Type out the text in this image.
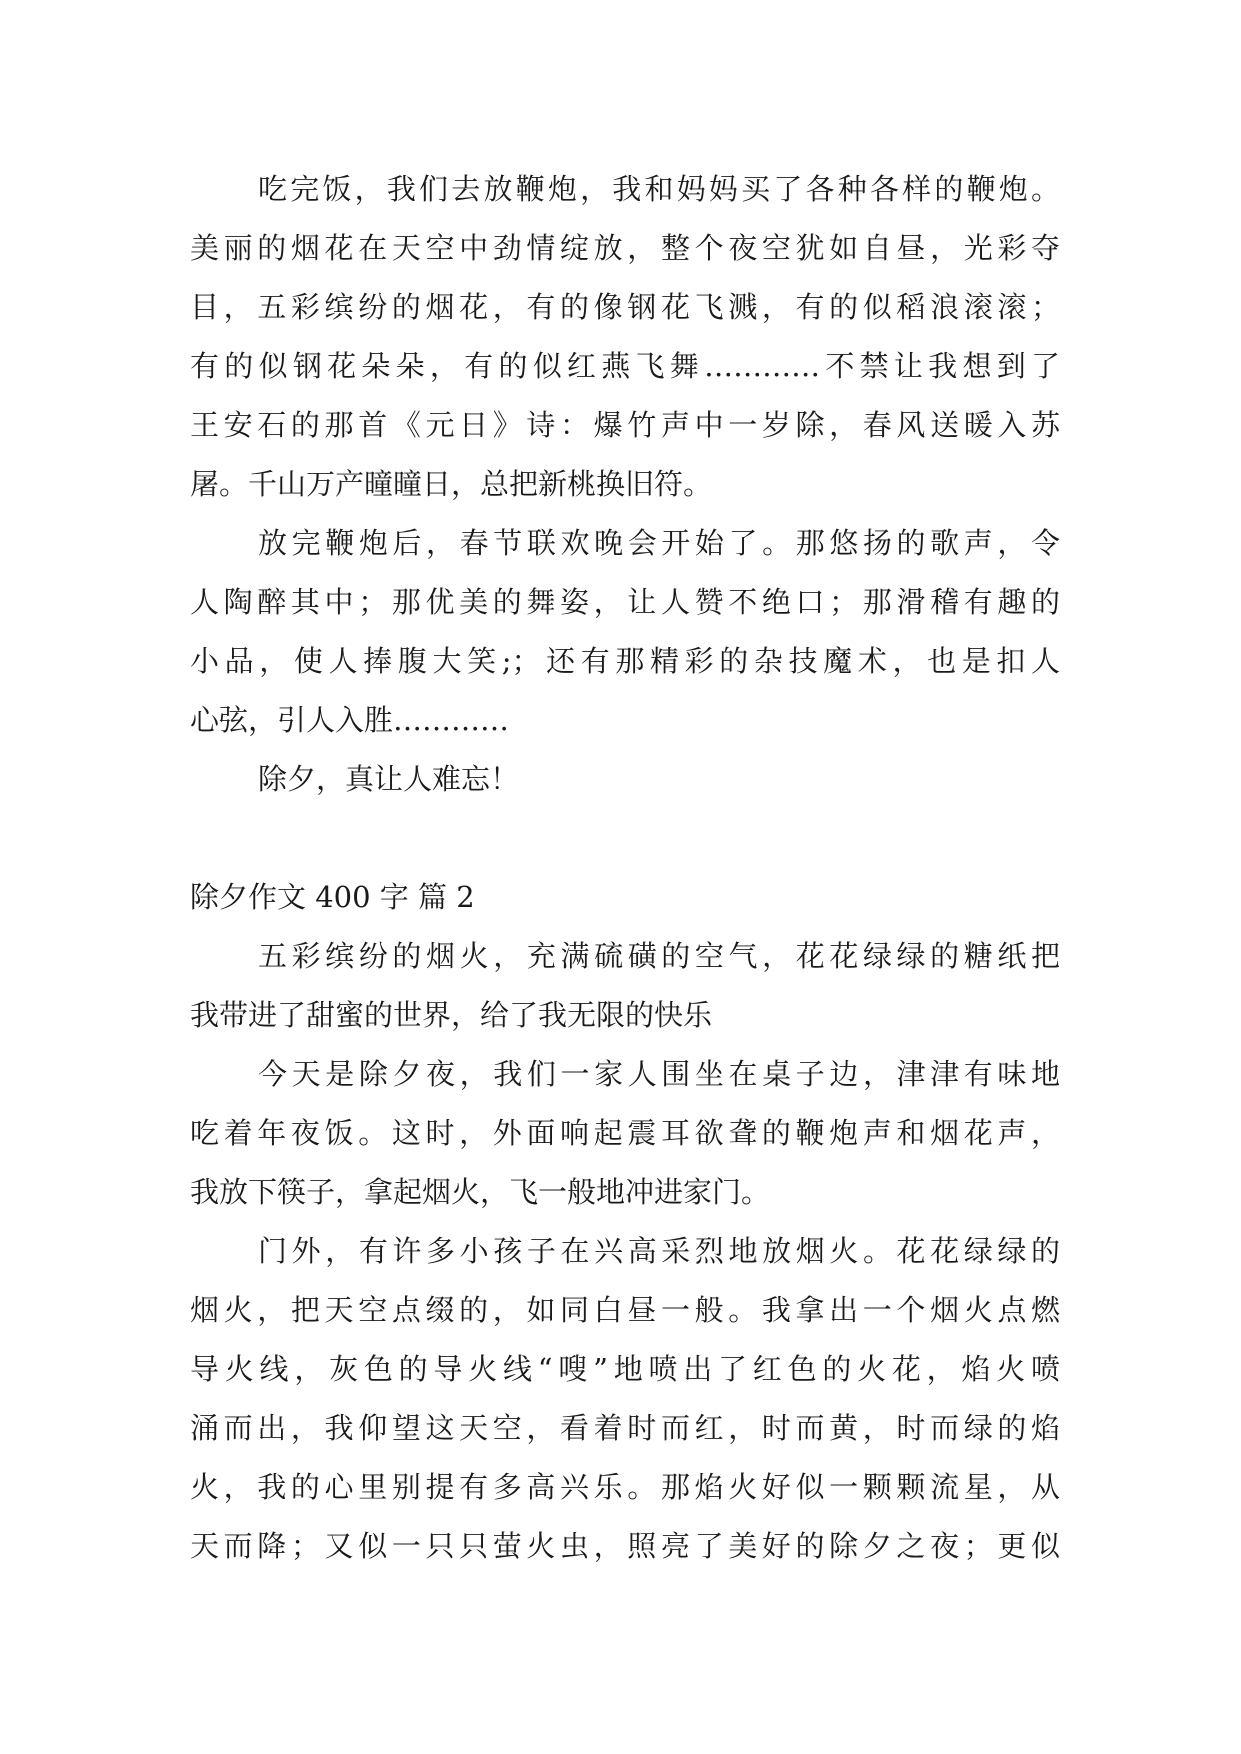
吃完饭，我们去放鞭炮，我和妈妈买了各种各样的鞭炮。
美丽的烟花在天空中劲情绽放，整个夜空犹如自昼，光彩夺
目，五彩缤纷的烟花，有的像钢花飞溅，有的似稻浪滚滚；
有的似钢花朵朵，有的似红燕飞舞…………不禁让我想到了
王安石的那首《元日》诗：爆竹声中一岁除，春风送暖入苏
屠。千山万产曈曈日，总把新桃换旧符。
放完鞭炮后，春节联欢晚会开始了。那悠扬的歌声，令
人陶醉其中；那优美的舞姿，让人赞不绝口；那滑稽有趣的
小品，使人捧腹大笑;；还有那精彩的杂技魔术，也是扣人
心弦，引人入胜…………
除夕，真让人难忘！
除夕作文 400 字 篇 2
五彩缤纷的烟火，充满硫磺的空气，花花绿绿的糖纸把
我带进了甜蜜的世界，给了我无限的快乐
今天是除夕夜，我们一家人围坐在桌子边，津津有味地
吃着年夜饭。这时，外面响起震耳欲聋的鞭炮声和烟花声，
我放下筷子，拿起烟火，飞一般地冲进家门。
门外，有许多小孩子在兴高采烈地放烟火。花花绿绿的
烟火，把天空点缀的，如同白昼一般。我拿出一个烟火点燃
导火线，灰色的导火线“嗖”地喷出了红色的火花，焰火喷
涌而出，我仰望这天空，看着时而红，时而黄，时而绿的焰
火，我的心里别提有多高兴乐。那焰火好似一颗颗流星，从
天而降；又似一只只萤火虫，照亮了美好的除夕之夜；更似
